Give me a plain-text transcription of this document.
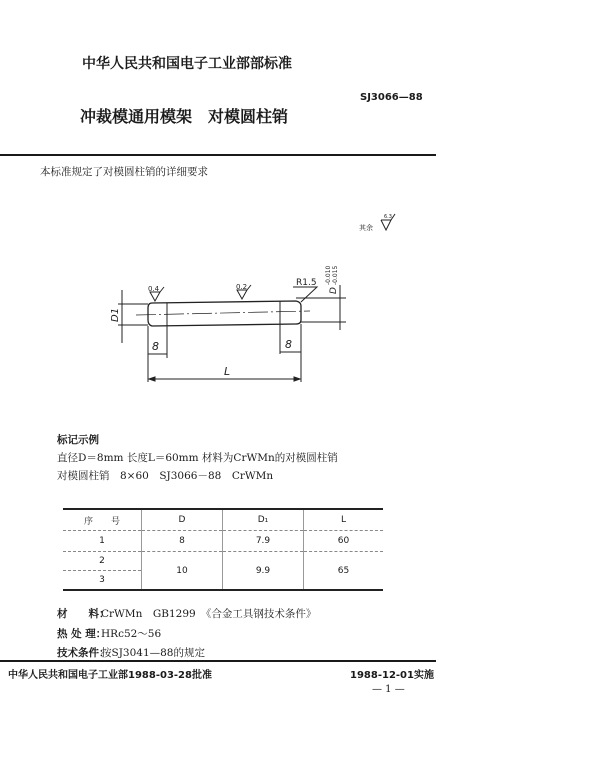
中华人民共和国电子工业部部标准
SJ3066—88
冲裁模通用模架　对模圆柱销
本标准规定了对模圆柱销的详细要求
其余
6.3
D1
8	8
L
D
-0.010 -0.015
R1.5
0.4	0.2
标记示例
直径D＝8mm 长度L＝60mm 材料为CrWMn的对模圆柱销
对模圆柱销　8×60　SJ3066－88　CrWMn
序　　号	D	D₁	L
1	8	7.9	60
2	10	9.9	65
3			
材　　料：CrWMn　GB1299　《合金工具钢技术条件》
热 处 理：HRc52～56
技术条件：按SJ3041—88的规定
中华人民共和国电子工业部1988-03-28批准	1988-12-01实施
— 1 —
